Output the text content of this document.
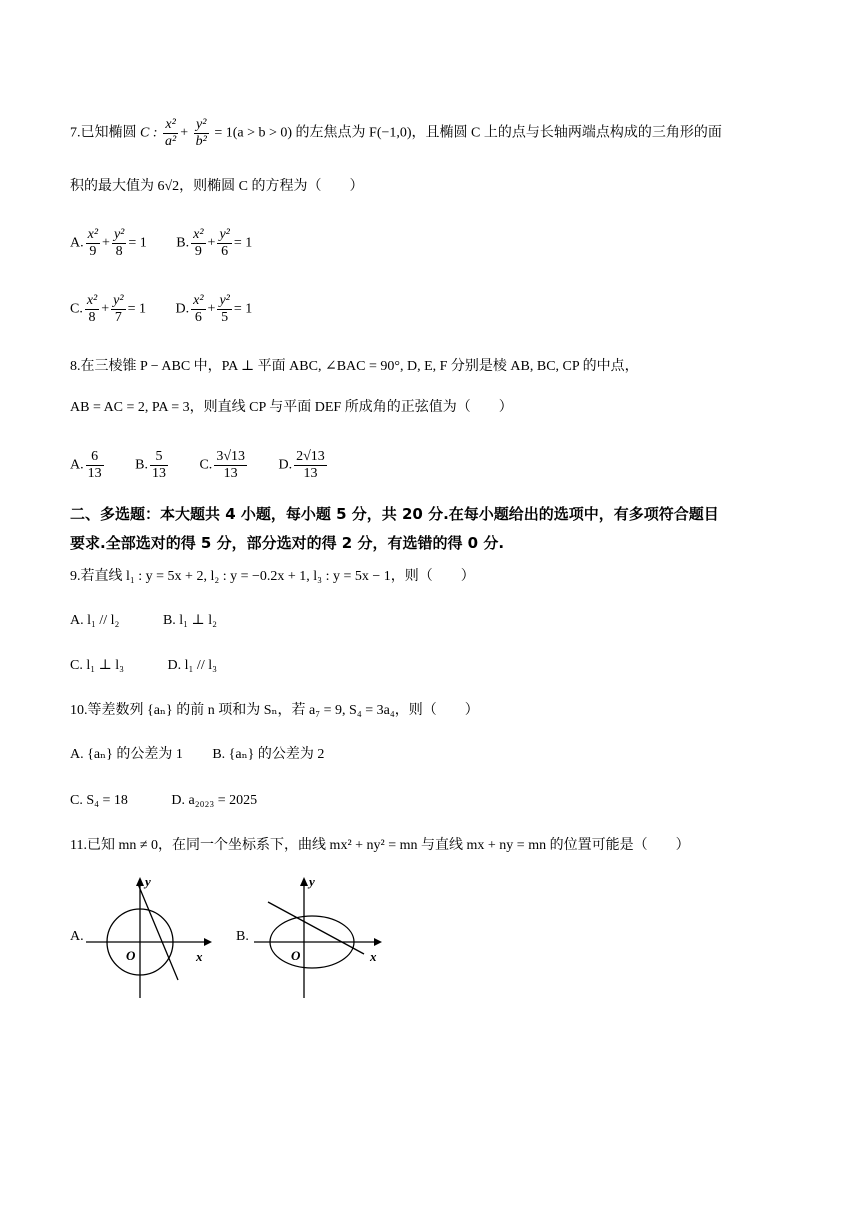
7.已知椭圆 C : $\frac{\text{x²}}{\text{a²}} + \frac{\text{y²}}{\text{b²}} = 1(a > b > 0)$ 的左焦点为 F(−1,0)，且椭圆 C 上的点与长轴两端点构成的三角形的面
积的最大值为 6√2，则椭圆 C 的方程为（　　）
A. $\frac{\text{x²}}{9} + \frac{\text{y²}}{8} = 1$ B. $\frac{\text{x²}}{9} + \frac{\text{y²}}{6} = 1$
C. $\frac{\text{x²}}{8} + \frac{\text{y²}}{7} = 1$ D. $\frac{\text{x²}}{6} + \frac{\text{y²}}{5} = 1$
8.在三棱锥 P − ABC 中，PA ⊥ 平面 ABC, ∠BAC = 90°, D, E, F 分别是棱 AB, BC, CP 的中点，
AB = AC = 2, PA = 3，则直线 CP 与平面 DEF 所成角的正弦值为（　　）
A. $\frac{6}{13} B$. $\frac{5}{13} C$. $\frac{3√13}{13} D$. $\frac{2√13}{13}$
二、多选题：本大题共 4 小题，每小题 5 分，共 20 分.在每小题给出的选项中，有多项符合题目
要求.全部选对的得 5 分，部分选对的得 2 分，有选错的得 0 分.
9.若直线 l₁ : y = 5x + 2, l₂ : y = −0.2x + 1, l₃ : y = 5x − 1，则（　　）
A. l₁ // l₂	B. l₁ ⊥ l₂
C. l₁ ⊥ l₃	D. l₁ // l₃
10.等差数列 {aₙ} 的前 n 项和为 Sₙ，若 a₇ = 9, S₄ = 3a₄，则（　　）
A. {aₙ} 的公差为 1 B. {aₙ} 的公差为 2
C. S₄ = 18	D. a₂₀₂₃ = 2025
11.已知 mn ≠ 0，在同一个坐标系下，曲线 mx² + ny² = mn 与直线 mx + ny = mn 的位置可能是（　　）
A.
y
x
O
B.
y
x
O
